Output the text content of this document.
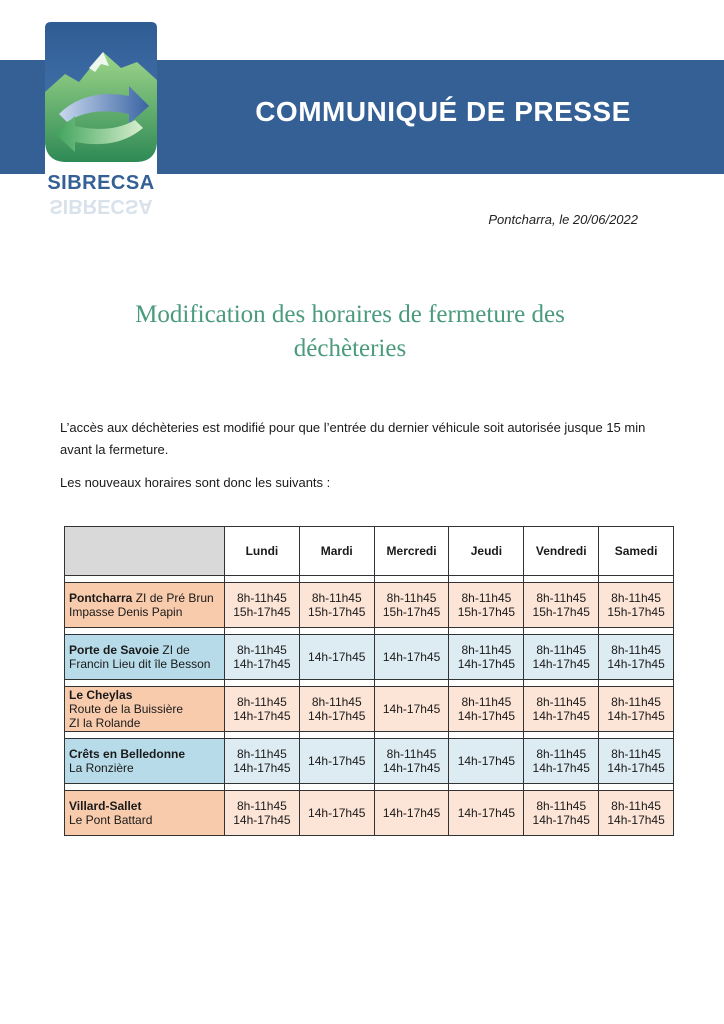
COMMUNIQUÉ DE PRESSE
SIBRECSA
SIBRECSA
Pontcharra, le 20/06/2022
Modification des horaires de fermeture des
déchèteries
L’accès aux déchèteries est modifié pour que l’entrée du dernier véhicule soit autorisée jusque 15 min avant la fermeture.
Les nouveaux horaires sont donc les suivants :
	Lundi	Mardi	Mercredi	Jeudi	Vendredi	Samedi

Pontcharra ZI de Pré Brun
Impasse Denis Papin	8h-11h45
15h-17h45	8h-11h45
15h-17h45	8h-11h45
15h-17h45	8h-11h45
15h-17h45	8h-11h45
15h-17h45	8h-11h45
15h-17h45

Porte de Savoie ZI de
Francin Lieu dit île Besson	8h-11h45
14h-17h45	14h-17h45	14h-17h45	8h-11h45
14h-17h45	8h-11h45
14h-17h45	8h-11h45
14h-17h45

Le Cheylas
Route de la Buissière
ZI la Rolande	8h-11h45
14h-17h45	8h-11h45
14h-17h45	14h-17h45	8h-11h45
14h-17h45	8h-11h45
14h-17h45	8h-11h45
14h-17h45

Crêts en Belledonne
La Ronzière	8h-11h45
14h-17h45	14h-17h45	8h-11h45
14h-17h45	14h-17h45	8h-11h45
14h-17h45	8h-11h45
14h-17h45

Villard-Sallet
Le Pont Battard	8h-11h45
14h-17h45	14h-17h45	14h-17h45	14h-17h45	8h-11h45
14h-17h45	8h-11h45
14h-17h45
